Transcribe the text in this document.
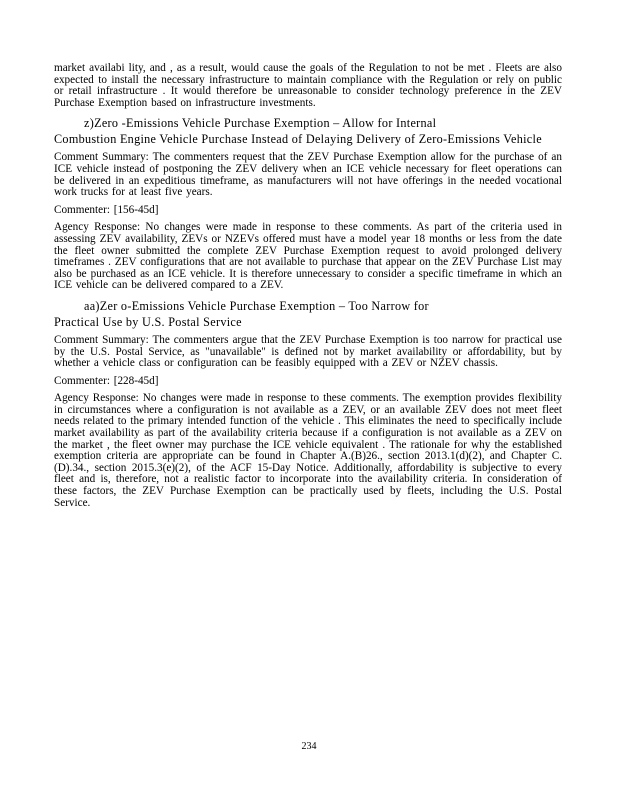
market availabi lity, and , as a result, would cause the goals of the Regulation to not be met . Fleets are also expected to install the necessary infrastructure to maintain compliance with the Regulation or rely on public or retail infrastructure . It would therefore be unreasonable to consider technology preference in the ZEV Purchase Exemption based on infrastructure investments.

z)Zero -Emissions Vehicle Purchase Exemption – Allow for Internal
Combustion Engine Vehicle Purchase Instead of Delaying Delivery of Zero-Emissions Vehicle

Comment Summary: The commenters request that the ZEV Purchase Exemption allow for the purchase of an ICE vehicle instead of postponing the ZEV delivery when an ICE vehicle necessary for fleet operations can be delivered in an expeditious timeframe, as manufacturers will not have offerings in the needed vocational work trucks for at least five years.

Commenter: [156-45d]

Agency Response: No changes were made in response to these comments. As part of the criteria used in assessing ZEV availability, ZEVs or NZEVs offered must have a model year 18 months or less from the date the fleet owner submitted the complete ZEV Purchase Exemption request to avoid prolonged delivery timeframes . ZEV configurations that are not available to purchase that appear on the ZEV Purchase List may also be purchased as an ICE vehicle. It is therefore unnecessary to consider a specific timeframe in which an ICE vehicle can be delivered compared to a ZEV.

aa)Zer o-Emissions Vehicle Purchase Exemption – Too Narrow for
Practical Use by U.S. Postal Service

Comment Summary: The commenters argue that the ZEV Purchase Exemption is too narrow for practical use by the U.S. Postal Service, as "unavailable" is defined not by market availability or affordability, but by whether a vehicle class or configuration can be feasibly equipped with a ZEV or NZEV chassis.

Commenter: [228-45d]

Agency Response: No changes were made in response to these comments. The exemption provides flexibility in circumstances where a configuration is not available as a ZEV, or an available ZEV does not meet fleet needs related to the primary intended function of the vehicle . This eliminates the need to specifically include market availability as part of the availability criteria because if a configuration is not available as a ZEV on the market , the fleet owner may purchase the ICE vehicle equivalent . The rationale for why the established exemption criteria are appropriate can be found in Chapter A.(B)26., section 2013.1(d)(2), and Chapter C.(D).34., section 2015.3(e)(2), of the ACF 15-Day Notice. Additionally, affordability is subjective to every fleet and is, therefore, not a realistic factor to incorporate into the availability criteria. In consideration of these factors, the ZEV Purchase Exemption can be practically used by fleets, including the U.S. Postal Service.

234
